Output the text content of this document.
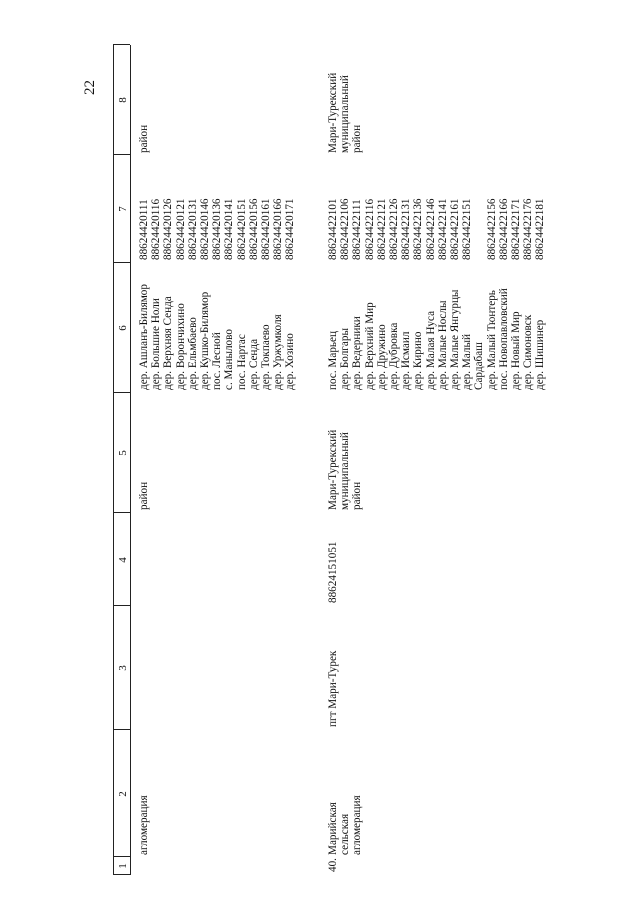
22
1
2
3
4
5
6
7
8
агломерация
район
район
дер. Ашланъ-Билямор дер. Большие Ноли дер. Верхняя Сенда дер. Ворончихино дер. Ельмбаево дер. Кушко-Билямор пос. Лесной с. Манылово пос. Нартас дер. Сенда дер. Токпаево дер. Уржумколя дер. Хозино
88624420111 88624420116 88624420126 88624420121 88624420131 88624420146 88624420136 88624420141 88624420151 88624420156 88624420161 88624420166 88624420171
40.
Марийская
сельская
агломерация
пгт Мари-Турек
88624151051
Мари-Турекский
муниципальный
район
Мари-Турекский
муниципальный
район
пос. Марьец дер. Болгары дер. Ведерники дер. Верхний Мир дер. Дружино дер. Дубровка дер. Исмаил дер. Кирино дер. Малая Нуса дер. Малые Ноcлы дер. Малые Янгурцы дер. Малый
Сардабаш дер. Малый Тюнтерь пос. Новопавловский дер. Новый Мир дер. Симоновск дер. Шишинер
88624422101 88624422106 88624422111 88624422116 88624422121 88624422126 88624422131 88624422136 88624422146 88624422141 88624422161 88624422151 88624422156 88624422166 88624422171 88624422176 88624422181
